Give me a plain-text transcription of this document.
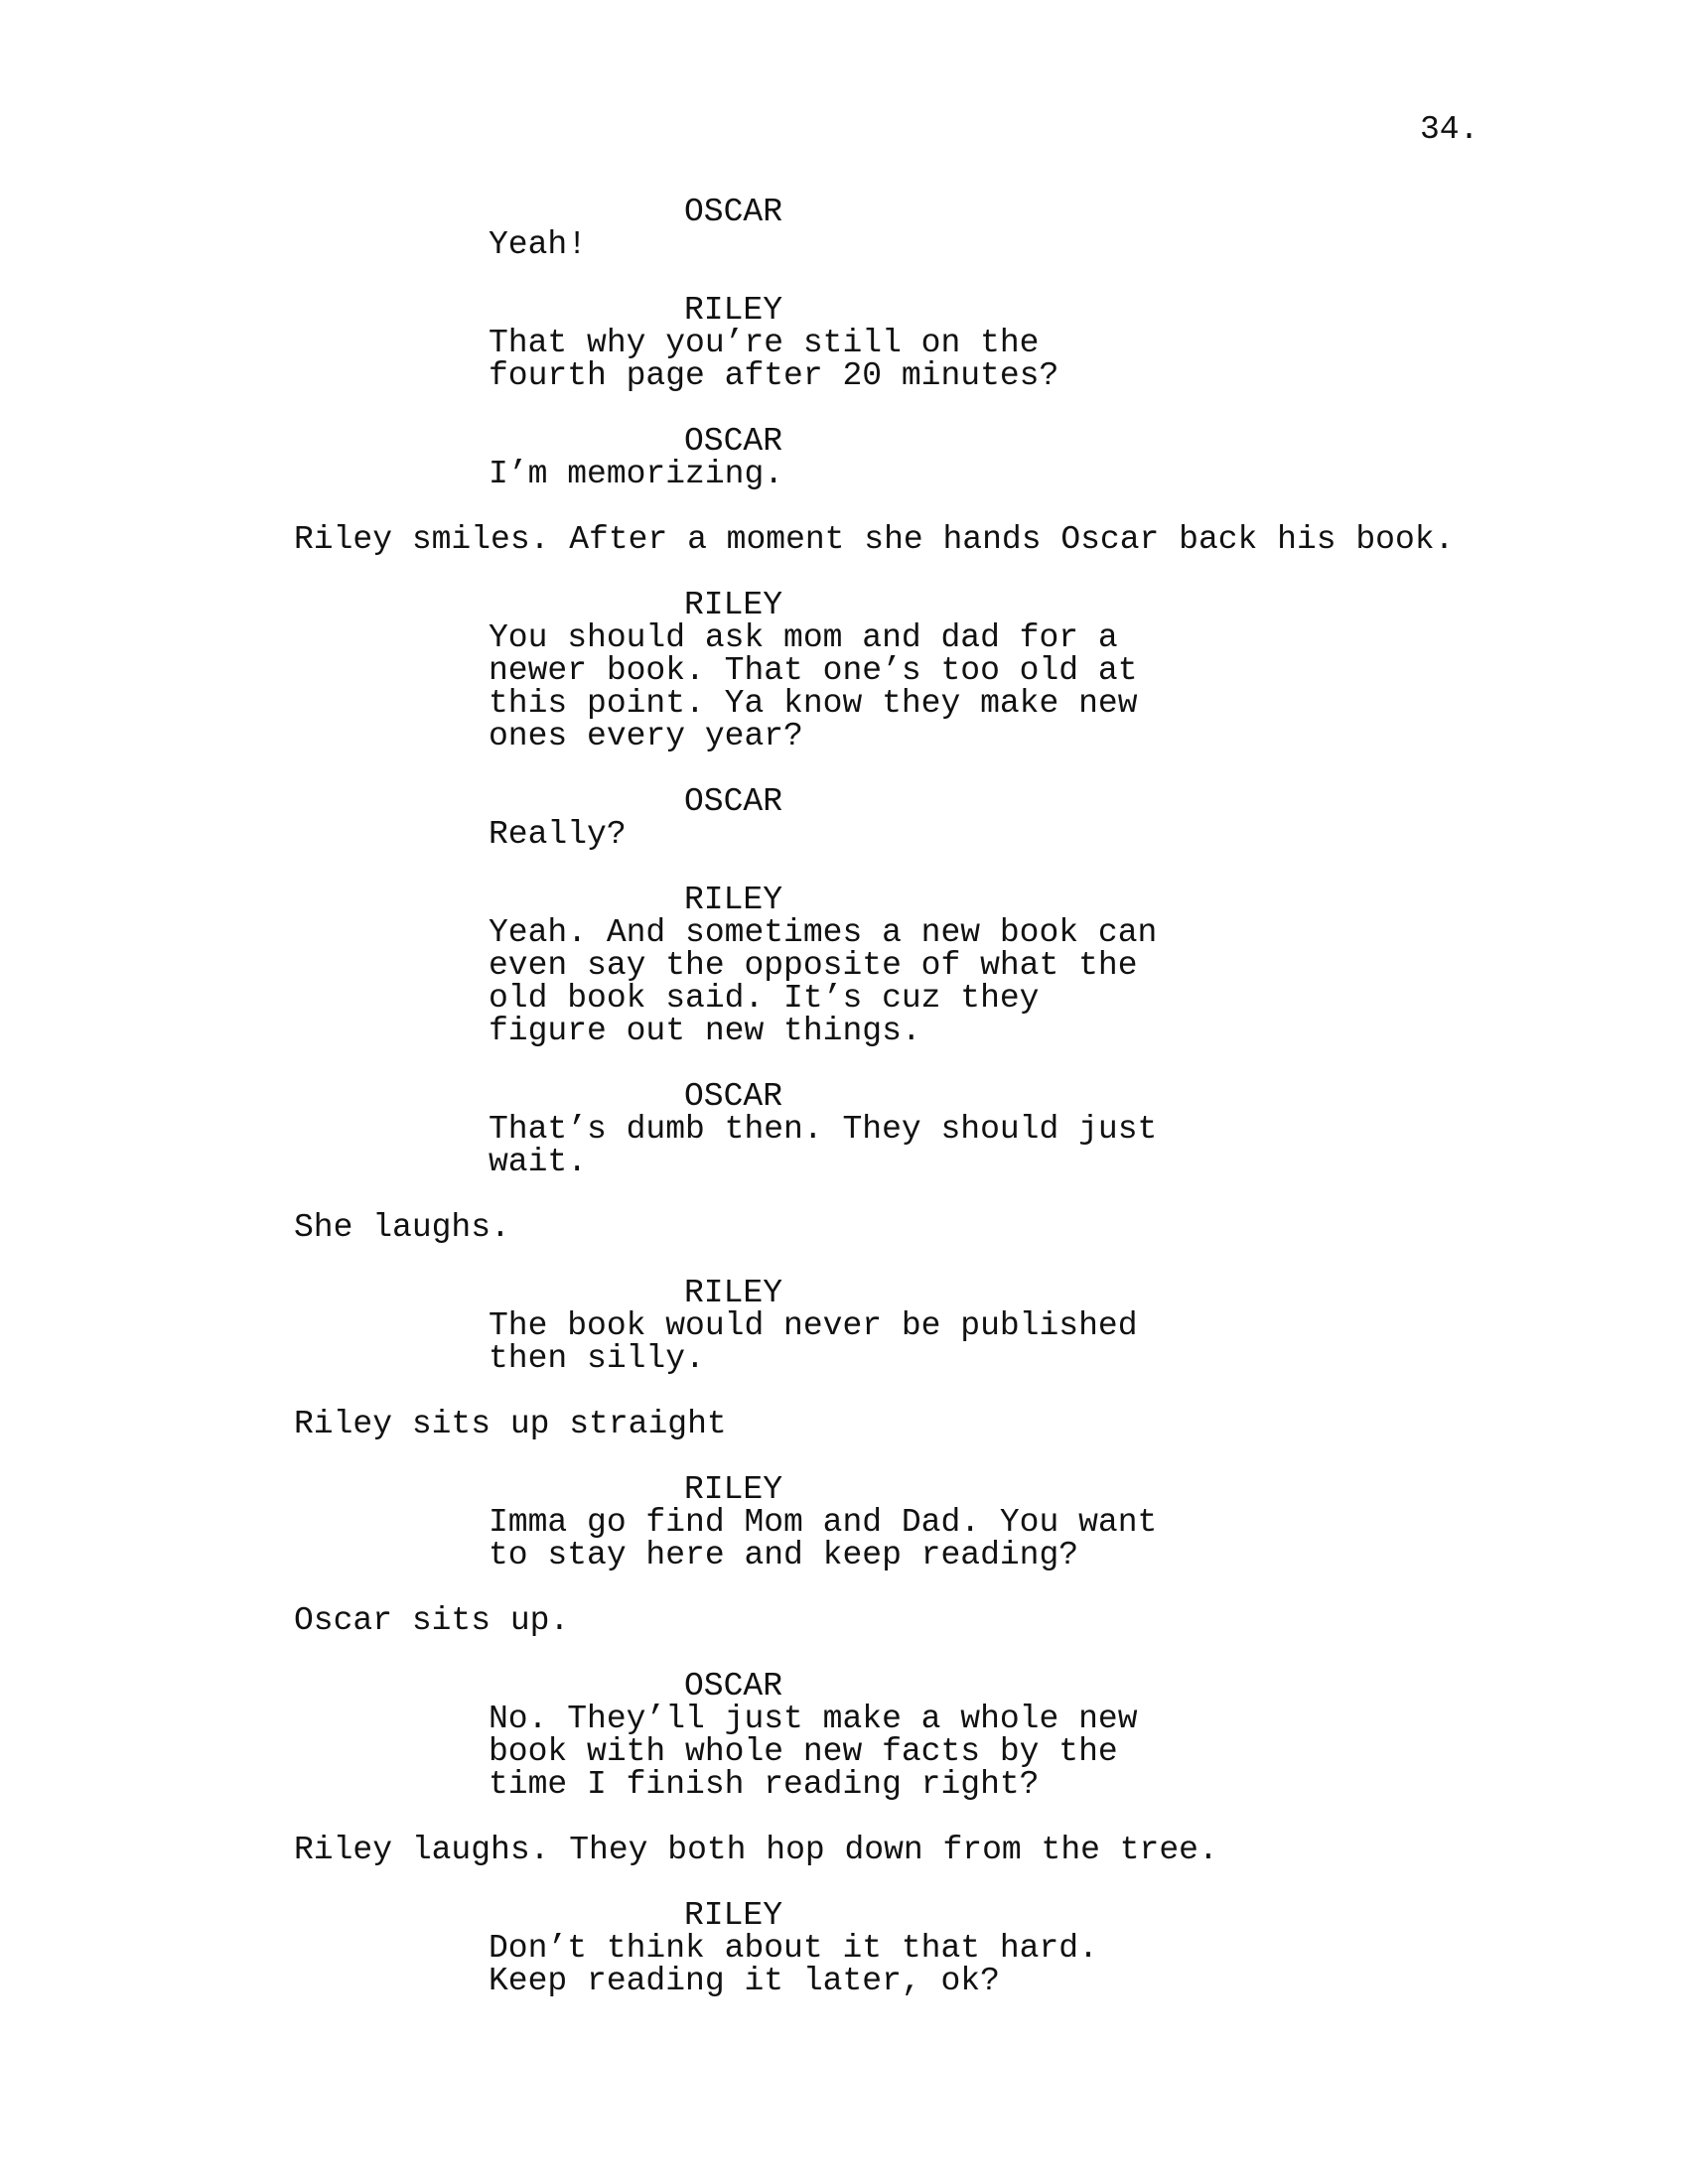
34.
OSCAR
Yeah!
RILEY
That why you’re still on the
fourth page after 20 minutes?
OSCAR
I’m memorizing.
Riley smiles. After a moment she hands Oscar back his book.
RILEY
You should ask mom and dad for a
newer book. That one’s too old at
this point. Ya know they make new
ones every year?
OSCAR
Really?
RILEY
Yeah. And sometimes a new book can
even say the opposite of what the
old book said. It’s cuz they
figure out new things.
OSCAR
That’s dumb then. They should just
wait.
She laughs.
RILEY
The book would never be published
then silly.
Riley sits up straight
RILEY
Imma go find Mom and Dad. You want
to stay here and keep reading?
Oscar sits up.
OSCAR
No. They’ll just make a whole new
book with whole new facts by the
time I finish reading right?
Riley laughs. They both hop down from the tree.
RILEY
Don’t think about it that hard.
Keep reading it later, ok?
